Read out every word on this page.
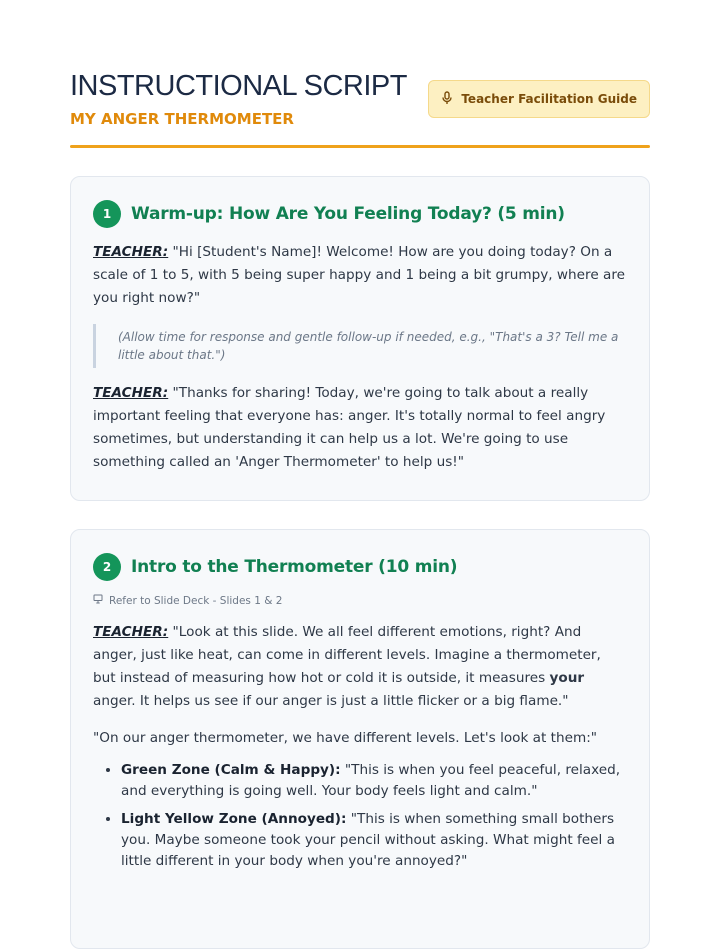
INSTRUCTIONAL SCRIPT
MY ANGER THERMOMETER
Teacher Facilitation Guide
1	Warm-up: How Are You Feeling Today? (5 min)

TEACHER: "Hi [Student's Name]! Welcome! How are you doing today? On a scale of 1 to 5, with 5 being super happy and 1 being a bit grumpy, where are you right now?"

(Allow time for response and gentle follow-up if needed, e.g., "That's a 3? Tell me a little about that.")

TEACHER: "Thanks for sharing! Today, we're going to talk about a really important feeling that everyone has: anger. It's totally normal to feel angry sometimes, but understanding it can help us a lot. We're going to use something called an 'Anger Thermometer' to help us!"

2	Intro to the Thermometer (10 min)
Refer to Slide Deck - Slides 1 & 2

TEACHER: "Look at this slide. We all feel different emotions, right? And anger, just like heat, can come in different levels. Imagine a thermometer, but instead of measuring how hot or cold it is outside, it measures your anger. It helps us see if our anger is just a little flicker or a big flame."

"On our anger thermometer, we have different levels. Let's look at them:"

• Green Zone (Calm & Happy): "This is when you feel peaceful, relaxed, and everything is going well. Your body feels light and calm."
• Light Yellow Zone (Annoyed): "This is when something small bothers you. Maybe someone took your pencil without asking. What might feel a little different in your body when you're annoyed?"
